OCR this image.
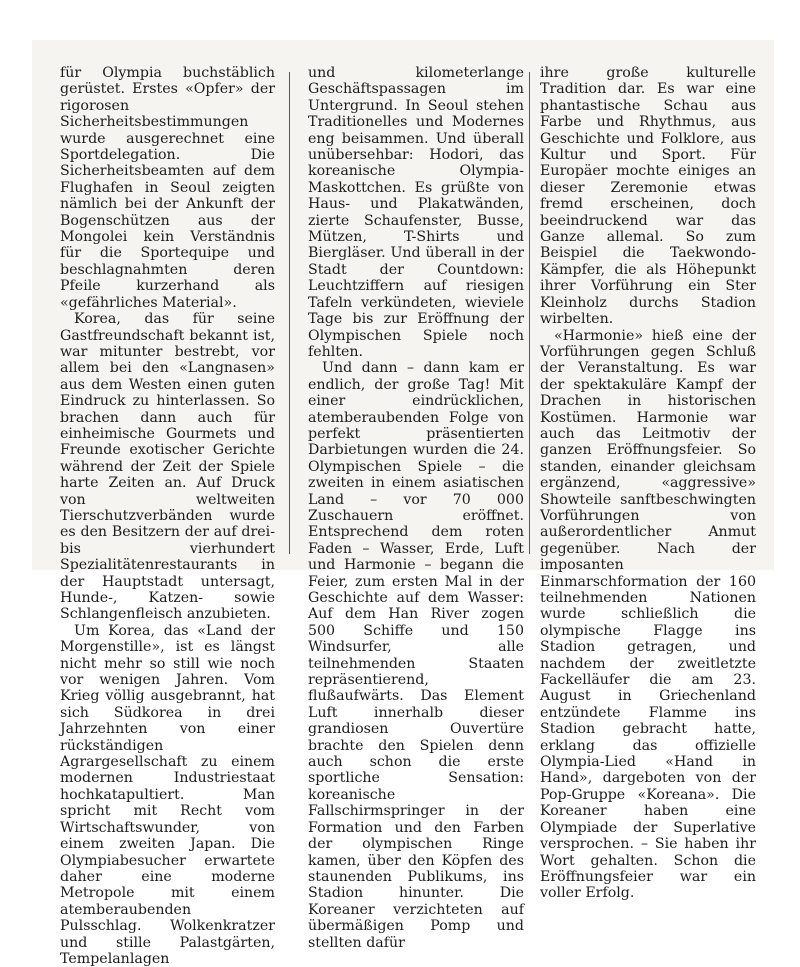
für Olympia buchstäblich gerüstet. Erstes «Opfer» der rigorosen Sicherheitsbestimmungen wurde ausgerechnet eine Sportdelegation. Die Sicherheitsbeamten auf dem Flughafen in Seoul zeigten nämlich bei der Ankunft der Bogenschützen aus der Mongolei kein Verständnis für die Sportequipe und beschlagnahmten deren Pfeile kurzerhand als «gefährliches Material».

Korea, das für seine Gastfreundschaft bekannt ist, war mitunter bestrebt, vor allem bei den «Langnasen» aus dem Westen einen guten Eindruck zu hinterlassen. So brachen dann auch für einheimische Gourmets und Freunde exotischer Gerichte während der Zeit der Spiele harte Zeiten an. Auf Druck von weltweiten Tierschutzverbänden wurde es den Besitzern der auf drei- bis vierhundert Spezialitätenrestaurants in der Hauptstadt untersagt, Hunde-, Katzen- sowie Schlangenfleisch anzubieten.

Um Korea, das «Land der Morgenstille», ist es längst nicht mehr so still wie noch vor wenigen Jahren. Vom Krieg völlig ausgebrannt, hat sich Südkorea in drei Jahrzehnten von einer rückständigen Agrargesellschaft zu einem modernen Industriestaat hochkatapultiert. Man spricht mit Recht vom Wirtschaftswunder, von einem zweiten Japan. Die Olympiabesucher erwartete daher eine moderne Metropole mit einem atemberaubenden Pulsschlag. Wolkenkratzer und stille Palastgärten, Tempelanlagen

und kilometerlange Geschäftspassagen im Untergrund. In Seoul stehen Traditionelles und Modernes eng beisammen. Und überall unübersehbar: Hodori, das koreanische Olympia-Maskottchen. Es grüßte von Haus- und Plakatwänden, zierte Schaufenster, Busse, Mützen, T-Shirts und Biergläser. Und überall in der Stadt der Countdown: Leuchtziffern auf riesigen Tafeln verkündeten, wieviele Tage bis zur Eröffnung der Olympischen Spiele noch fehlten.

Und dann – dann kam er endlich, der große Tag! Mit einer eindrücklichen, atemberaubenden Folge von perfekt präsentierten Darbietungen wurden die 24. Olympischen Spiele – die zweiten in einem asiatischen Land – vor 70 000 Zuschauern eröffnet. Entsprechend dem roten Faden – Wasser, Erde, Luft und Harmonie – begann die Feier, zum ersten Mal in der Geschichte auf dem Wasser: Auf dem Han River zogen 500 Schiffe und 150 Windsurfer, alle teilnehmenden Staaten repräsentierend, flußaufwärts. Das Element Luft innerhalb dieser grandiosen Ouvertüre brachte den Spielen denn auch schon die erste sportliche Sensation: koreanische Fallschirmspringer in der Formation und den Farben der olympischen Ringe kamen, über den Köpfen des staunenden Publikums, ins Stadion hinunter. Die Koreaner verzichteten auf übermäßigen Pomp und stellten dafür

ihre große kulturelle Tradition dar. Es war eine phantastische Schau aus Farbe und Rhythmus, aus Geschichte und Folklore, aus Kultur und Sport. Für Europäer mochte einiges an dieser Zeremonie etwas fremd erscheinen, doch beeindruckend war das Ganze allemal. So zum Beispiel die Taekwondo-Kämpfer, die als Höhepunkt ihrer Vorführung ein Ster Kleinholz durchs Stadion wirbelten.

«Harmonie» hieß eine der Vorführungen gegen Schluß der Veranstaltung. Es war der spektakuläre Kampf der Drachen in historischen Kostümen. Harmonie war auch das Leitmotiv der ganzen Eröffnungsfeier. So standen, einander gleichsam ergänzend, «aggressive» Showteile sanftbeschwingten Vorführungen von außerordentlicher Anmut gegenüber. Nach der imposanten Einmarschformation der 160 teilnehmenden Nationen wurde schließlich die olympische Flagge ins Stadion getragen, und nachdem der zweitletzte Fackelläufer die am 23. August in Griechenland entzündete Flamme ins Stadion gebracht hatte, erklang das offizielle Olympia-Lied «Hand in Hand», dargeboten von der Pop-Gruppe «Koreana». Die Koreaner haben eine Olympiade der Superlative versprochen. – Sie haben ihr Wort gehalten. Schon die Eröffnungsfeier war ein voller Erfolg.
